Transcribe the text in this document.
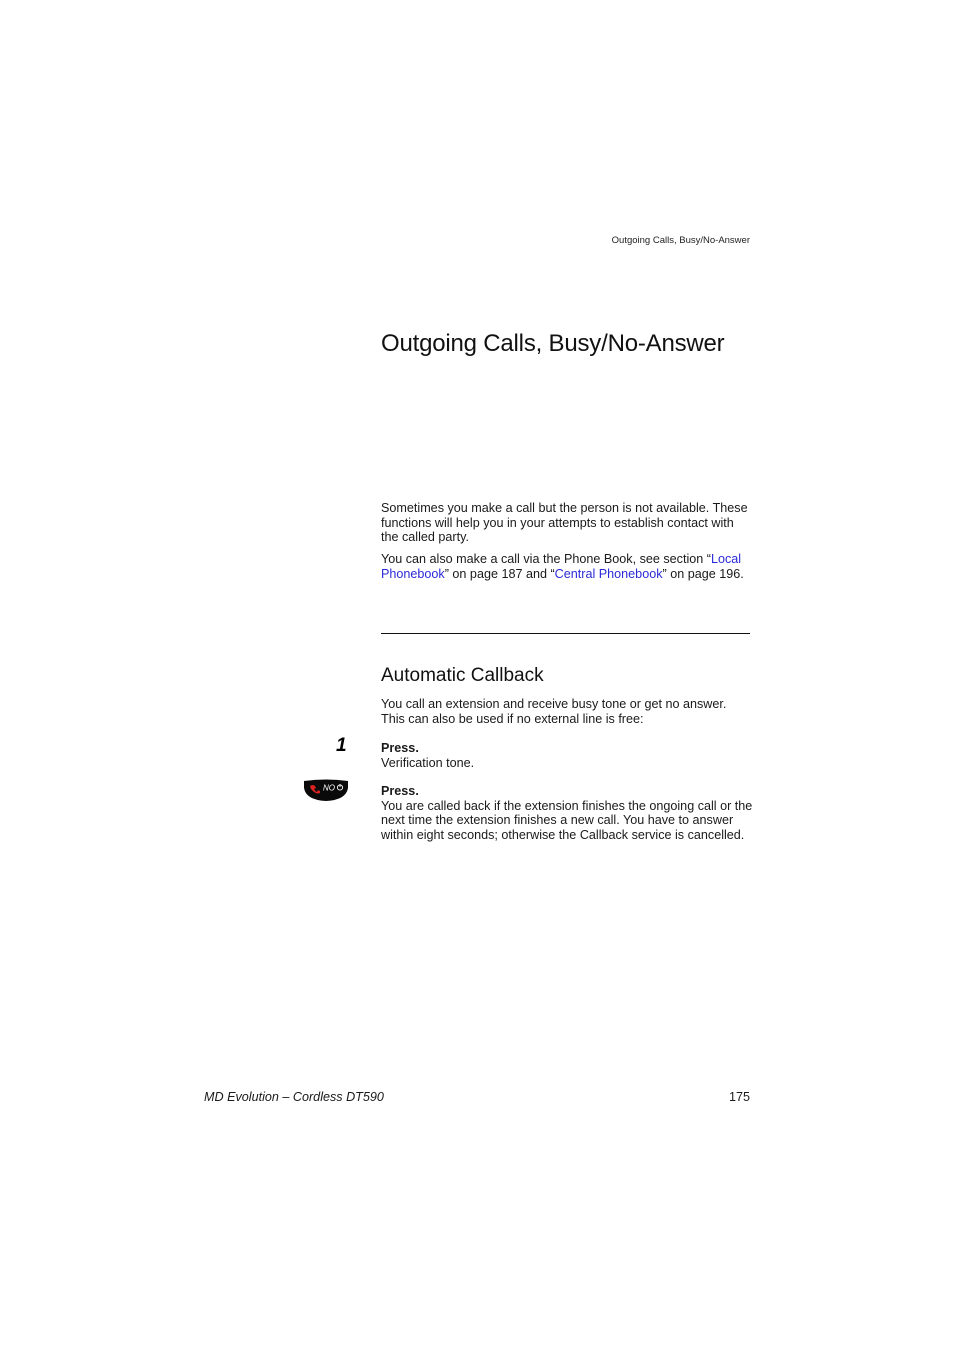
Outgoing Calls, Busy/No-Answer
Outgoing Calls, Busy/No-Answer
Sometimes you make a call but the person is not available. These functions will help you in your attempts to establish contact with the called party.
You can also make a call via the Phone Book, see section “Local Phonebook” on page 187 and “Central Phonebook” on page 196.
Automatic Callback
You call an extension and receive busy tone or get no answer. This can also be used if no external line is free:
1	Press.
Verification tone.
NO	Press.
You are called back if the extension finishes the ongoing call or the next time the extension finishes a new call. You have to answer within eight seconds; otherwise the Callback service is cancelled.
MD Evolution – Cordless DT590	175
